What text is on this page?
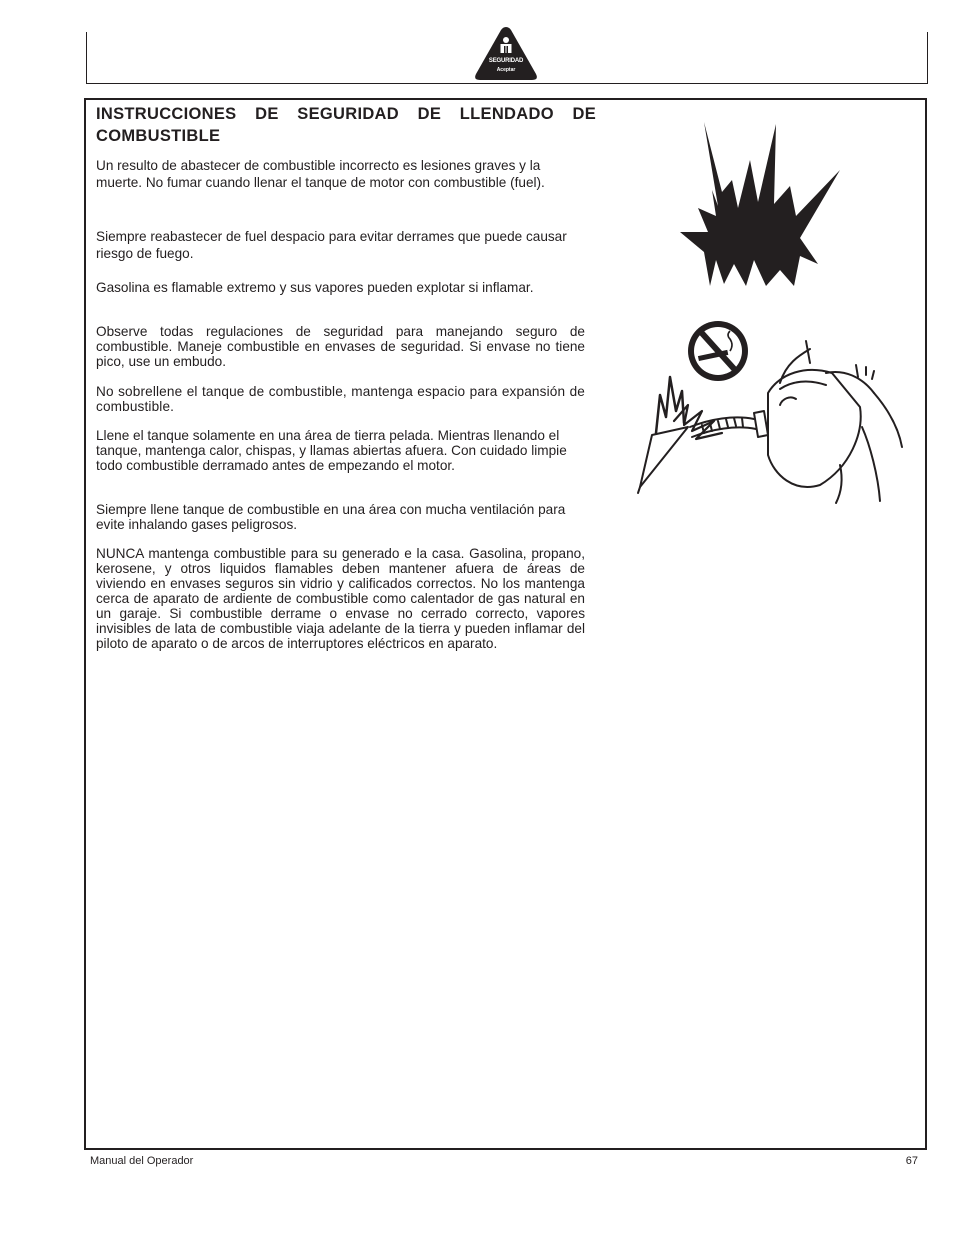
SEGURIDAD
Aceptar
INSTRUCCIONES DE SEGURIDAD DE LLENDADO DE COMBUSTIBLE

Un resulto de abastecer de combustible incorrecto es lesiones graves y la muerte. No fumar cuando llenar el tanque de motor con combustible (fuel).

Siempre reabastecer de fuel despacio para evitar derrames que puede causar riesgo de fuego.

Gasolina es flamable extremo y sus vapores pueden explotar si inflamar.

Observe todas regulaciones de seguridad para manejando seguro de combustible. Maneje combustible en envases de seguridad. Si envase no tiene pico, use un embudo.

No sobrellene el tanque de combustible, mantenga espacio para expansión de combustible.

Llene el tanque solamente en una área de tierra pelada. Mientras llenando el tanque, mantenga calor, chispas, y llamas abiertas afuera. Con cuidado limpie todo combustible derramado antes de empezando el motor.

Siempre llene tanque de combustible en una área con mucha ventilación para evite inhalando gases peligrosos.

NUNCA mantenga combustible para su generado e la casa. Gasolina, propano, kerosene, y otros liquidos flamables deben mantener afuera de áreas de viviendo en envases seguros sin vidrio y calificados correctos. No los mantenga cerca de aparato de ardiente de combustible como calentador de gas natural en un garaje. Si combustible derrame o envase no cerrado correcto, vapores invisibles de lata de combustible viaja adelante de la tierra y pueden inflamar del piloto de aparato o de arcos de interruptores eléctricos en aparato.

Manual del Operador	67
